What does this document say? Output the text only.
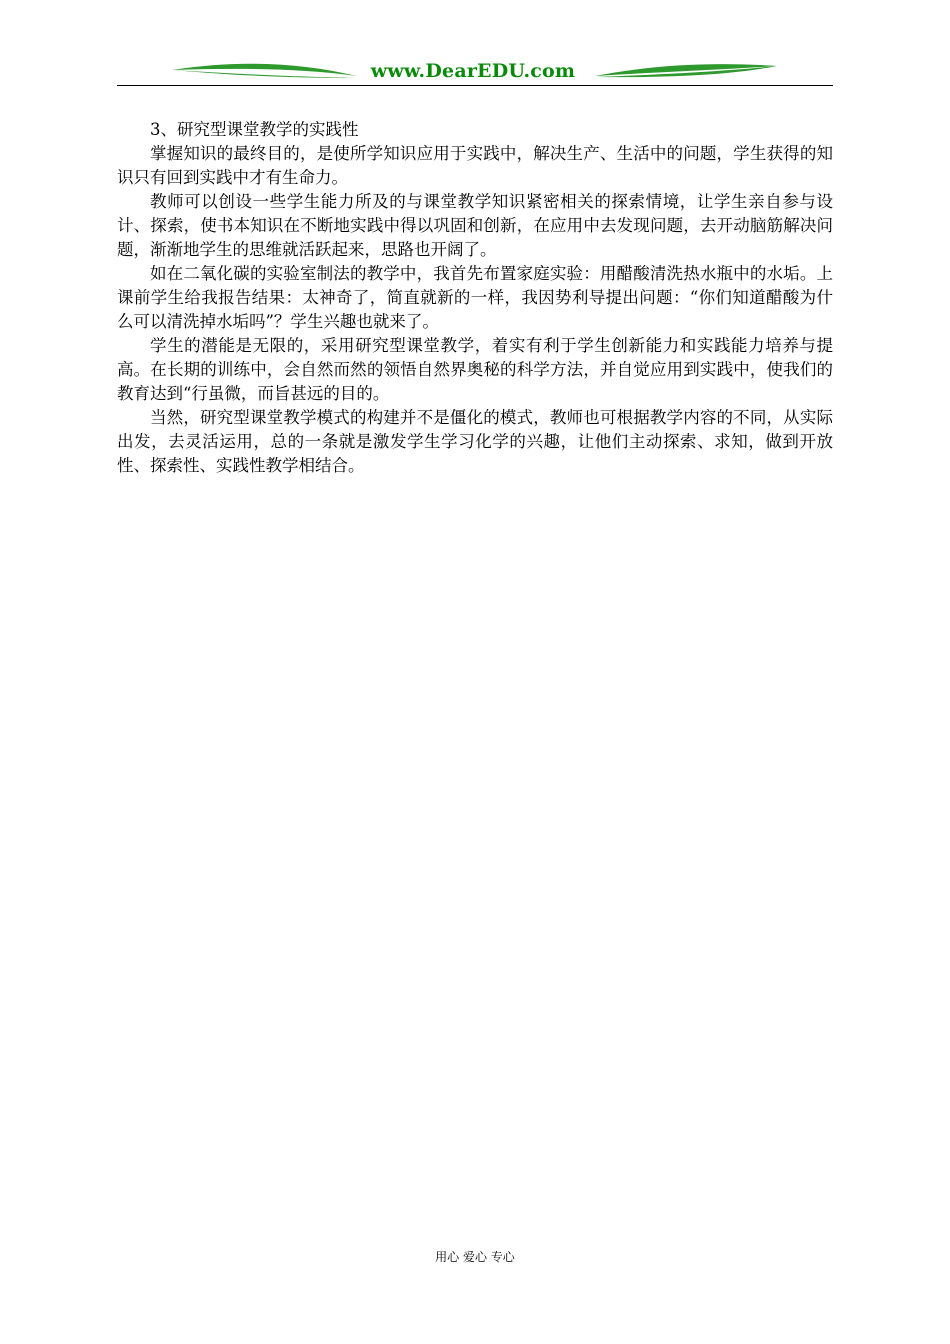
www.DearEDU.com

3、研究型课堂教学的实践性

掌握知识的最终目的，是使所学知识应用于实践中，解决生产、生活中的问题，学生获得的知识只有回到实践中才有生命力。

教师可以创设一些学生能力所及的与课堂教学知识紧密相关的探索情境，让学生亲自参与设计、探索，使书本知识在不断地实践中得以巩固和创新，在应用中去发现问题，去开动脑筋解决问题，渐渐地学生的思维就活跃起来，思路也开阔了。

如在二氧化碳的实验室制法的教学中，我首先布置家庭实验：用醋酸清洗热水瓶中的水垢。上课前学生给我报告结果：太神奇了，简直就新的一样，我因势利导提出问题：“你们知道醋酸为什么可以清洗掉水垢吗”？学生兴趣也就来了。

学生的潜能是无限的，采用研究型课堂教学，着实有利于学生创新能力和实践能力培养与提高。在长期的训练中，会自然而然的领悟自然界奥秘的科学方法，并自觉应用到实践中，使我们的教育达到“行虽微，而旨甚远的目的。

当然，研究型课堂教学模式的构建并不是僵化的模式，教师也可根据教学内容的不同，从实际出发，去灵活运用，总的一条就是激发学生学习化学的兴趣，让他们主动探索、求知，做到开放性、探索性、实践性教学相结合。

用心 爱心 专心
